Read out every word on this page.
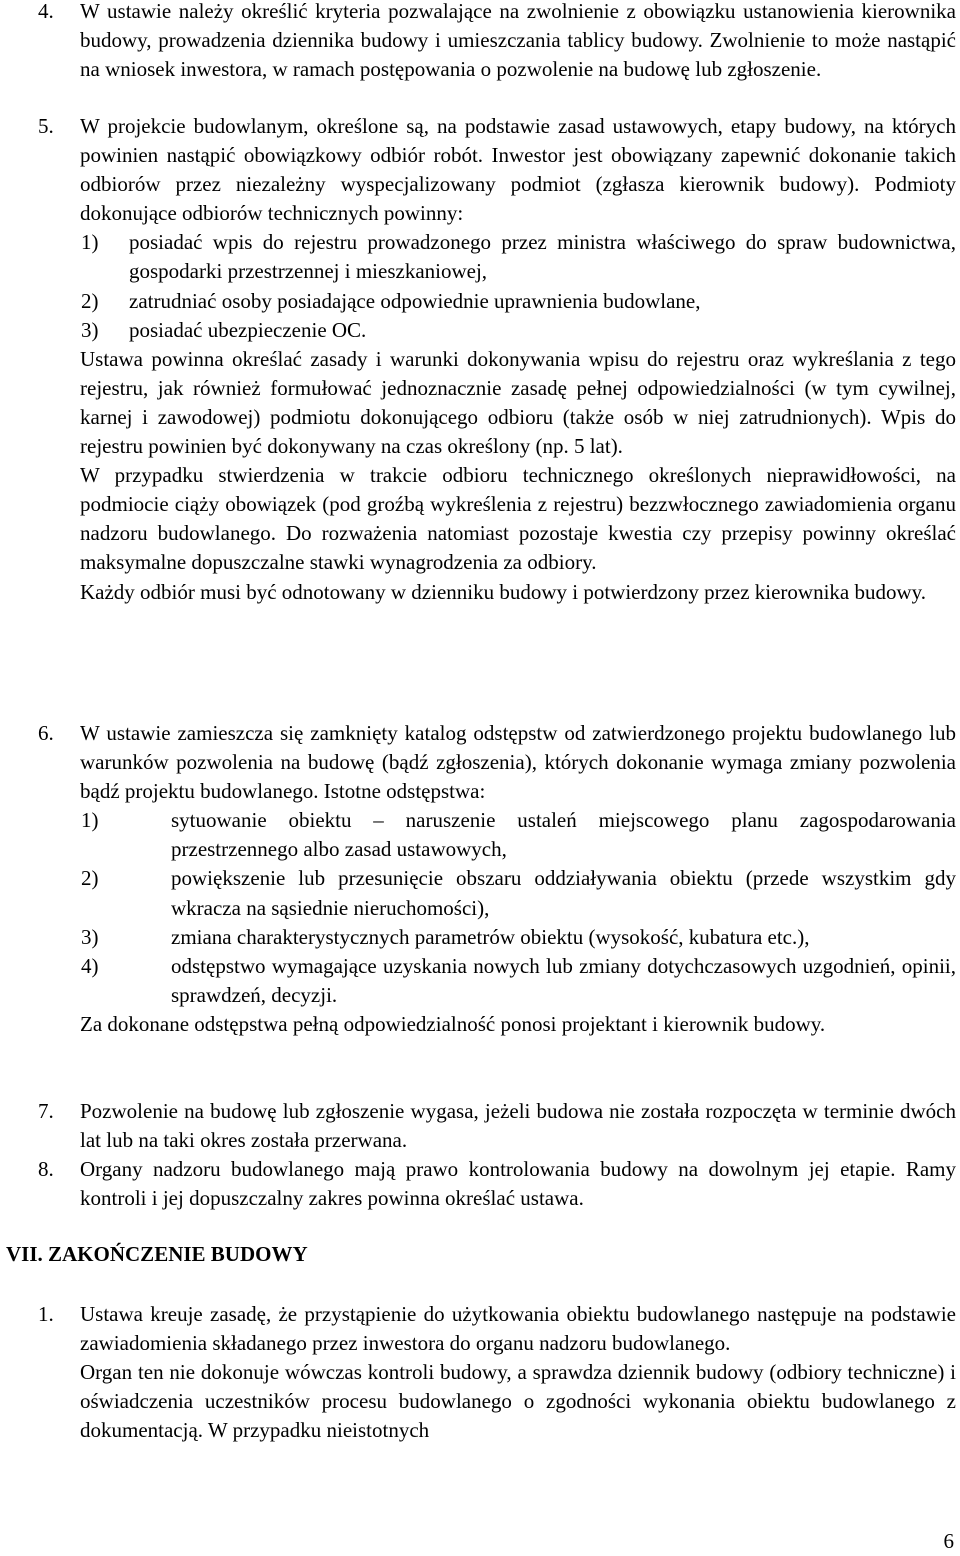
4. W ustawie należy określić kryteria pozwalające na zwolnienie z obowiązku ustanowienia kierownika budowy, prowadzenia dziennika budowy i umieszczania tablicy budowy. Zwolnienie to może nastąpić na wniosek inwestora, w ramach postępowania o pozwolenie na budowę lub zgłoszenie.

5. W projekcie budowlanym, określone są, na podstawie zasad ustawowych, etapy budowy, na których powinien nastąpić obowiązkowy odbiór robót. Inwestor jest obowiązany zapewnić dokonanie takich odbiorów przez niezależny wyspecjalizowany podmiot (zgłasza kierownik budowy). Podmioty dokonujące odbiorów technicznych powinny:

1) posiadać wpis do rejestru prowadzonego przez ministra właściwego do spraw budownictwa, gospodarki przestrzennej i mieszkaniowej,
2) zatrudniać osoby posiadające odpowiednie uprawnienia budowlane,
3) posiadać ubezpieczenie OC.

Ustawa powinna określać zasady i warunki dokonywania wpisu do rejestru oraz wykreślania z tego rejestru, jak również formułować jednoznacznie zasadę pełnej odpowiedzialności (w tym cywilnej, karnej i zawodowej) podmiotu dokonującego odbioru (także osób w niej zatrudnionych). Wpis do rejestru powinien być dokonywany na czas określony (np. 5 lat).

W przypadku stwierdzenia w trakcie odbioru technicznego określonych nieprawidłowości, na podmiocie ciąży obowiązek (pod groźbą wykreślenia z rejestru) bezzwłocznego zawiadomienia organu nadzoru budowlanego. Do rozważenia natomiast pozostaje kwestia czy przepisy powinny określać maksymalne dopuszczalne stawki wynagrodzenia za odbiory.

Każdy odbiór musi być odnotowany w dzienniku budowy i potwierdzony przez kierownika budowy.

6. W ustawie zamieszcza się zamknięty katalog odstępstw od zatwierdzonego projektu budowlanego lub warunków pozwolenia na budowę (bądź zgłoszenia), których dokonanie wymaga zmiany pozwolenia bądź projektu budowlanego. Istotne odstępstwa:

1)	sytuowanie obiektu – naruszenie ustaleń miejscowego planu zagospodarowania przestrzennego albo zasad ustawowych,
2)	powiększenie lub przesunięcie obszaru oddziaływania obiektu (przede wszystkim gdy wkracza na sąsiednie nieruchomości),
3)	zmiana charakterystycznych parametrów obiektu (wysokość, kubatura etc.),
4)	odstępstwo wymagające uzyskania nowych lub zmiany dotychczasowych uzgodnień, opinii, sprawdzeń, decyzji.

Za dokonane odstępstwa pełną odpowiedzialność ponosi projektant i kierownik budowy.

7. Pozwolenie na budowę lub zgłoszenie wygasa, jeżeli budowa nie została rozpoczęta w terminie dwóch lat lub na taki okres została przerwana.

8. Organy nadzoru budowlanego mają prawo kontrolowania budowy na dowolnym jej etapie. Ramy kontroli i jej dopuszczalny zakres powinna określać ustawa.

VII. ZAKOŃCZENIE BUDOWY
1. Ustawa kreuje zasadę, że przystąpienie do użytkowania obiektu budowlanego następuje na podstawie zawiadomienia składanego przez inwestora do organu nadzoru budowlanego.

Organ ten nie dokonuje wówczas kontroli budowy, a sprawdza dziennik budowy (odbiory techniczne) i oświadczenia uczestników procesu budowlanego o zgodności wykonania obiektu budowlanego z dokumentacją. W przypadku nieistotnych

6
